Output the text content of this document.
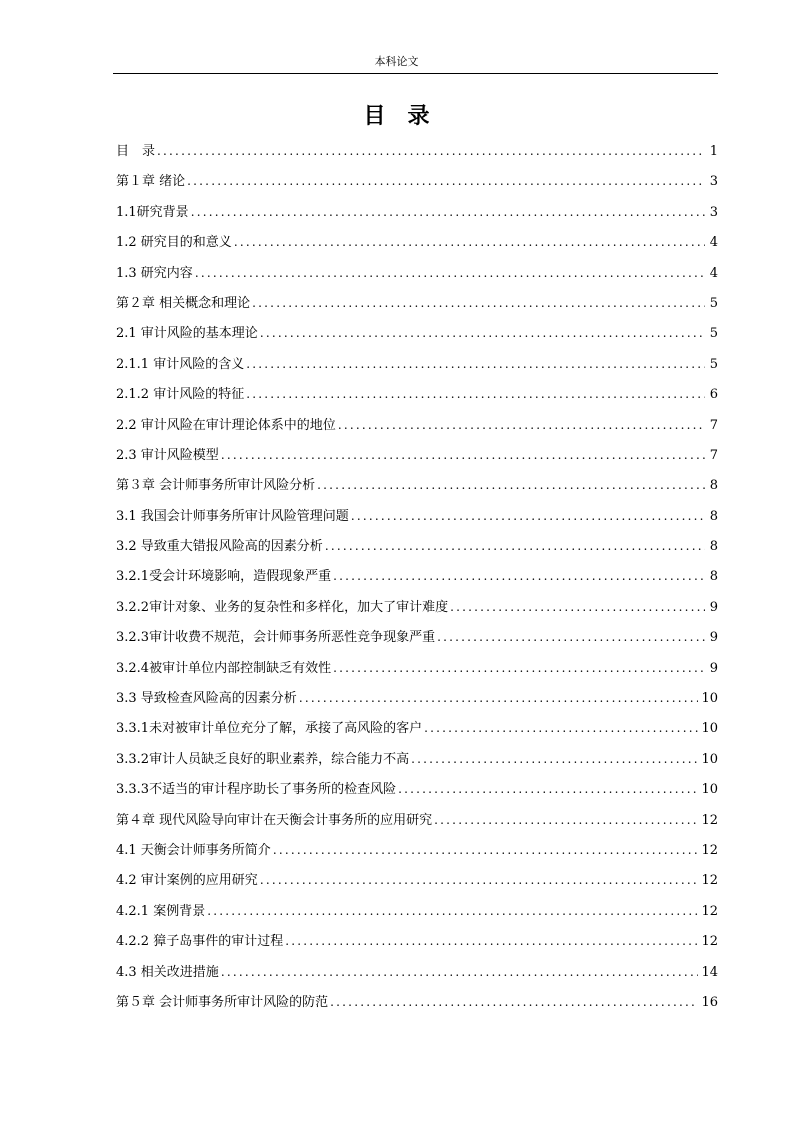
本科论文
目录
目　录 .....	1
第１章 绪论 .....	3
1.1研究背景 .....	3
1.2 研究目的和意义 .....	4
1.3 研究内容 .....	4
第２章 相关概念和理论 .....	5
2.1 审计风险的基本理论 .....	5
2.1.1 审计风险的含义 .....	5
2.1.2 审计风险的特征 .....	6
2.2 审计风险在审计理论体系中的地位 .....	7
2.3 审计风险模型 .....	7
第３章 会计师事务所审计风险分析 .....	8
3.1 我国会计师事务所审计风险管理问题 .....	8
3.2 导致重大错报风险高的因素分析 .....	8
3.2.1受会计环境影响，造假现象严重 .....	8
3.2.2审计对象、业务的复杂性和多样化，加大了审计难度 .....	9
3.2.3审计收费不规范，会计师事务所恶性竞争现象严重 .....	9
3.2.4被审计单位内部控制缺乏有效性 .....	9
3.3 导致检查风险高的因素分析 .....	10
3.3.1未对被审计单位充分了解，承接了高风险的客户 .....	10
3.3.2审计人员缺乏良好的职业素养，综合能力不高 .....	10
3.3.3不适当的审计程序助长了事务所的检查风险 .....	10
第４章 现代风险导向审计在天衡会计事务所的应用研究 .....	12
4.1 天衡会计师事务所简介 .....	12
4.2 审计案例的应用研究 .....	12
4.2.1 案例背景 .....	12
4.2.2 獐子岛事件的审计过程 .....	12
4.3 相关改进措施 .....	14
第５章 会计师事务所审计风险的防范 .....	16
